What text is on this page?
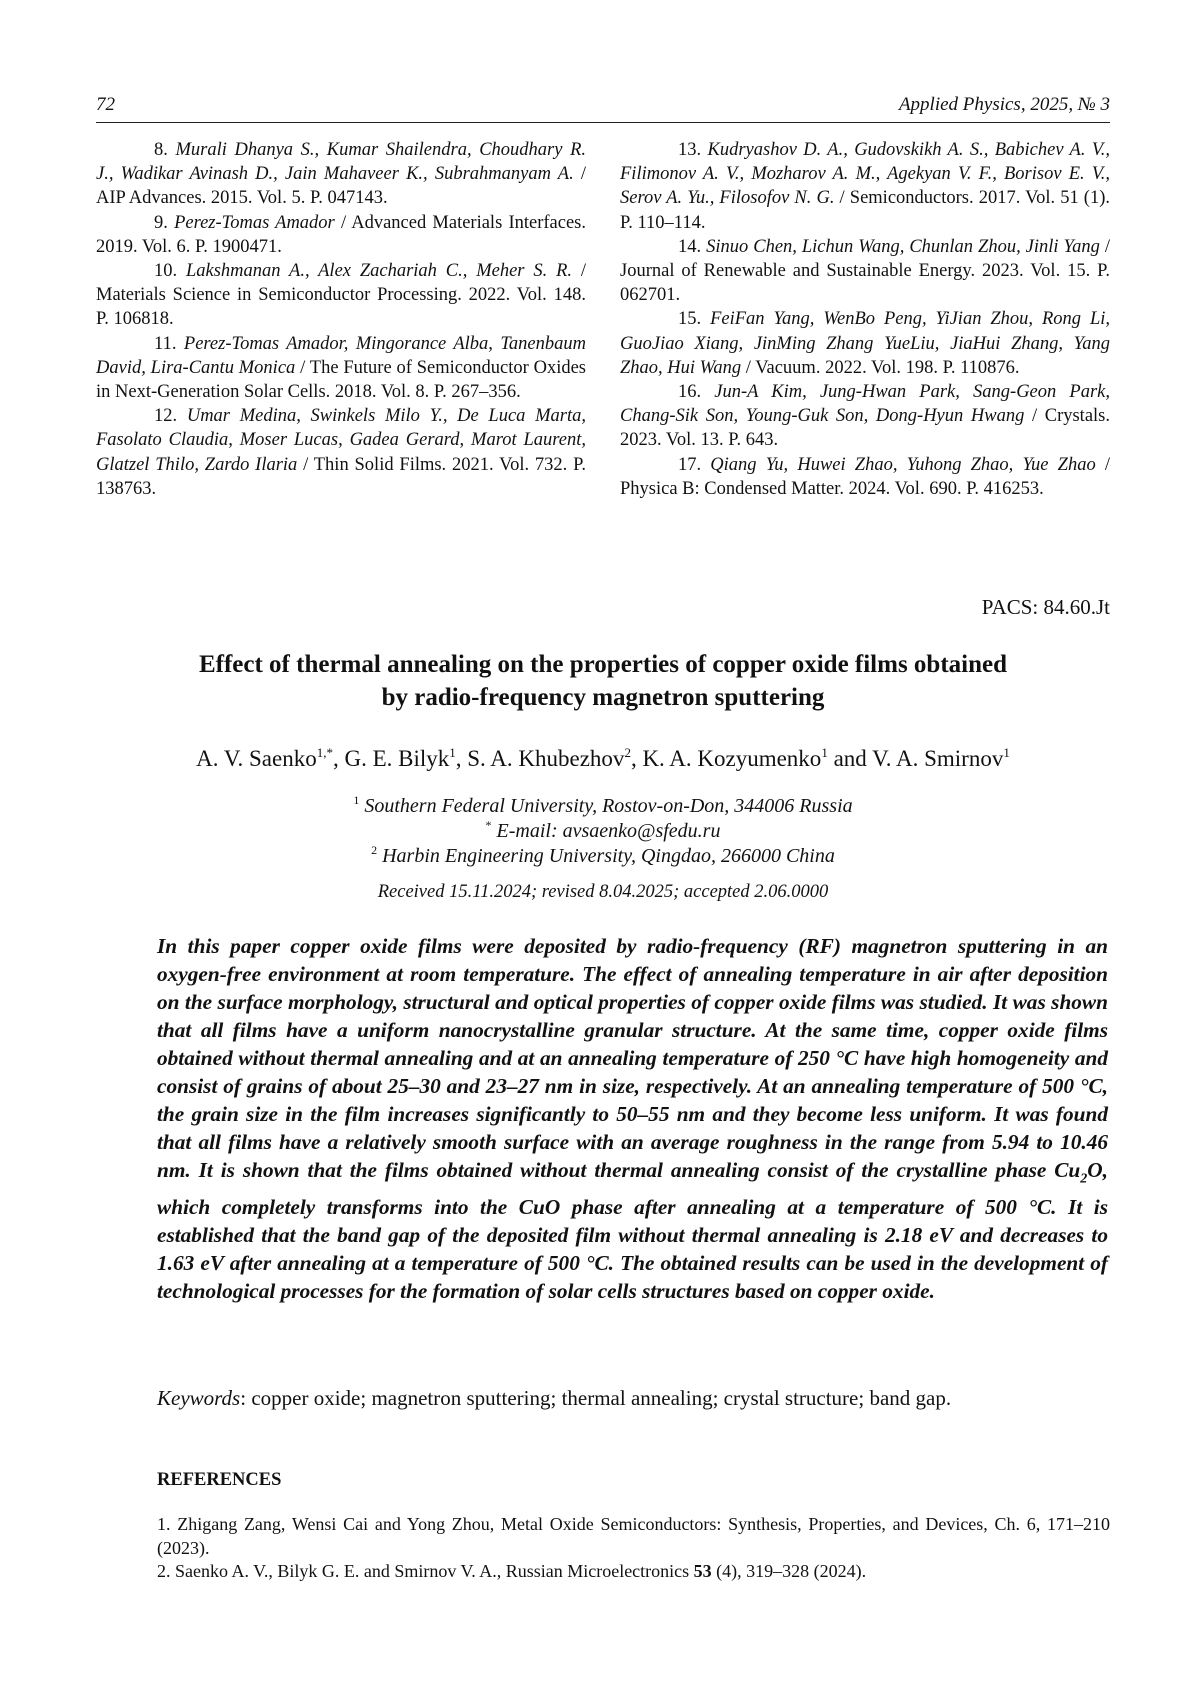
72	Applied Physics, 2025, № 3

8. Murali Dhanya S., Kumar Shailendra, Choudhary R. J., Wadikar Avinash D., Jain Mahaveer K., Subrahmanyam A. / AIP Advances. 2015. Vol. 5. P. 047143.

9. Perez-Tomas Amador / Advanced Materials Interfaces. 2019. Vol. 6. P. 1900471.

10. Lakshmanan A., Alex Zachariah C., Meher S. R. / Materials Science in Semiconductor Processing. 2022. Vol. 148. P. 106818.

11. Perez-Tomas Amador, Mingorance Alba, Tanenbaum David, Lira-Cantu Monica / The Future of Semiconductor Oxides in Next-Generation Solar Cells. 2018. Vol. 8. P. 267–356.

12. Umar Medina, Swinkels Milo Y., De Luca Marta, Fasolato Claudia, Moser Lucas, Gadea Gerard, Marot Laurent, Glatzel Thilo, Zardo Ilaria / Thin Solid Films. 2021. Vol. 732. P. 138763.

13. Kudryashov D. A., Gudovskikh A. S., Babichev A. V., Filimonov A. V., Mozharov A. M., Agekyan V. F., Borisov E. V., Serov A. Yu., Filosofov N. G. / Semiconductors. 2017. Vol. 51 (1). P. 110–114.

14. Sinuo Chen, Lichun Wang, Chunlan Zhou, Jinli Yang / Journal of Renewable and Sustainable Energy. 2023. Vol. 15. P. 062701.

15. FeiFan Yang, WenBo Peng, YiJian Zhou, Rong Li, GuoJiao Xiang, JinMing Zhang YueLiu, JiaHui Zhang, Yang Zhao, Hui Wang / Vacuum. 2022. Vol. 198. P. 110876.

16. Jun-A Kim, Jung-Hwan Park, Sang-Geon Park, Chang-Sik Son, Young-Guk Son, Dong-Hyun Hwang / Crystals. 2023. Vol. 13. P. 643.

17. Qiang Yu, Huwei Zhao, Yuhong Zhao, Yue Zhao / Physica B: Condensed Matter. 2024. Vol. 690. P. 416253.

PACS: 84.60.Jt
Effect of thermal annealing on the properties of copper oxide films obtained
by radio-frequency magnetron sputtering
A. V. Saenko$^{1,*}$, G. E. Bilyk$^1$, S. A. Khubezhov$^2$, K. A. Kozyumenko$^1$ and V. A. Smirnov$^1$
$^1$ Southern Federal University, Rostov-on-Don, 344006 Russia
* E-mail: avsaenko@sfedu.ru
$^2$ Harbin Engineering University, Qingdao, 266000 China
Received 15.11.2024; revised 8.04.2025; accepted 2.06.0000

In this paper copper oxide films were deposited by radio-frequency (RF) magnetron sputtering in an oxygen-free environment at room temperature. The effect of annealing temperature in air after deposition on the surface morphology, structural and optical properties of copper oxide films was studied. It was shown that all films have a uniform nanocrystalline granular structure. At the same time, copper oxide films obtained without thermal annealing and at an annealing temperature of 250 °C have high homogeneity and consist of grains of about 25–30 and 23–27 nm in size, respectively. At an annealing temperature of 500 °C, the grain size in the film increases significantly to 50–55 nm and they become less uniform. It was found that all films have a relatively smooth surface with an average roughness in the range from 5.94 to 10.46 nm. It is shown that the films obtained without thermal annealing consist of the crystalline phase $Cu_2O$, which completely transforms into the CuO phase after annealing at a temperature of 500 °C. It is established that the band gap of the deposited film without thermal annealing is 2.18 eV and decreases to 1.63 eV after annealing at a temperature of 500 °C. The obtained results can be used in the development of technological processes for the formation of solar cells structures based on copper oxide.

Keywords: copper oxide; magnetron sputtering; thermal annealing; crystal structure; band gap.
REFERENCES
1. Zhigang Zang, Wensi Cai and Yong Zhou, Metal Oxide Semiconductors: Synthesis, Properties, and Devices, Ch. 6, 171–210 (2023).
2. Saenko A. V., Bilyk G. E. and Smirnov V. A., Russian Microelectronics 53 (4), 319–328 (2024).
